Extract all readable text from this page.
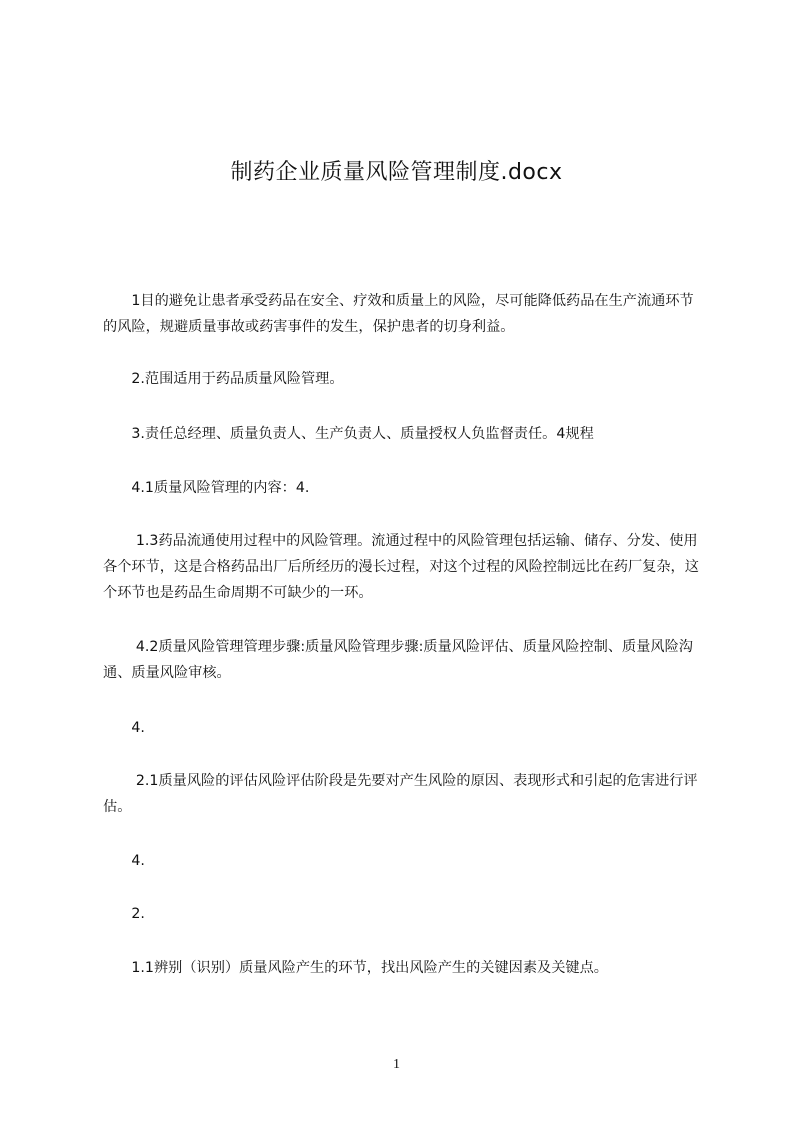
制药企业质量风险管理制度.docx

　　1目的避免让患者承受药品在安全、疗效和质量上的风险，尽可能降低药品在生产流通环节的风险，规避质量事故或药害事件的发生，保护患者的切身利益。

　　2.范围适用于药品质量风险管理。

　　3.责任总经理、质量负责人、生产负责人、质量授权人负监督责任。4规程

　　4.1质量风险管理的内容：4.

　　 1.3药品流通使用过程中的风险管理。流通过程中的风险管理包括运输、储存、分发、使用各个环节，这是合格药品出厂后所经历的漫长过程，对这个过程的风险控制远比在药厂复杂，这个环节也是药品生命周期不可缺少的一环。

　　 4.2质量风险管理管理步骤:质量风险管理步骤:质量风险评估、质量风险控制、质量风险沟通、质量风险审核。

　　4.

　　 2.1质量风险的评估风险评估阶段是先要对产生风险的原因、表现形式和引起的危害进行评估。

　　4.

　　2.

　　1.1辨别（识别）质量风险产生的环节，找出风险产生的关键因素及关键点。

1
